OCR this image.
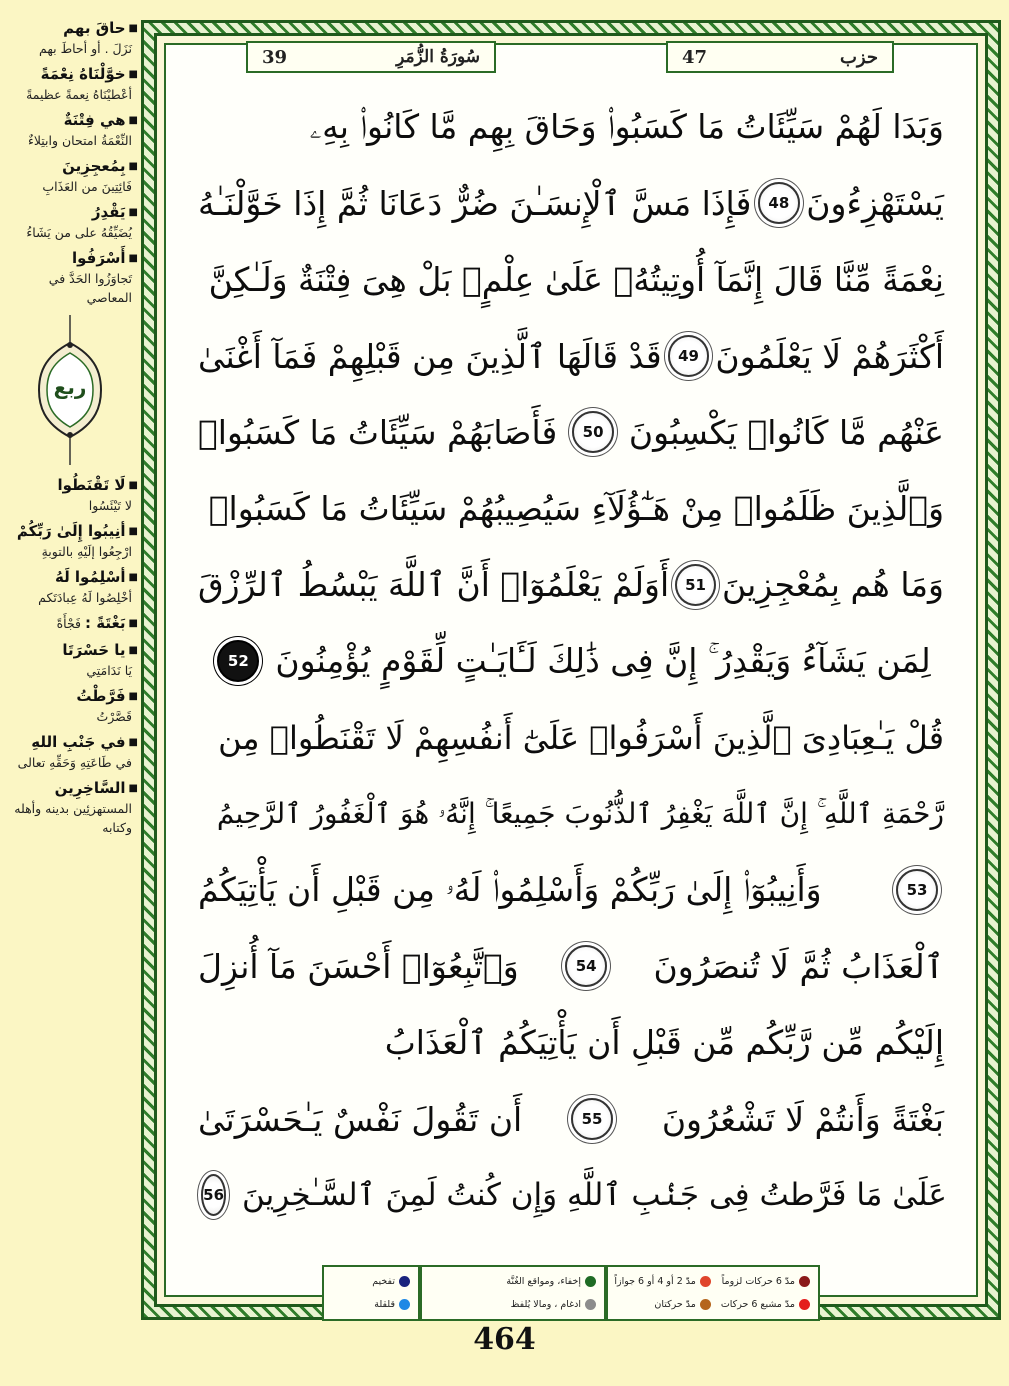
■ حاقَ بهم
نَزَلَ . أو أحاطَ بهم
■ خوَّلْنَاهُ نِعْمَةً
أعْطيْنَاهُ نِعمةً عظيمةً
■ هي فِتْنَةٌ
النِّعْمَةُ امتحان وابتِلاءٌ
■ بِمُعجِزِينَ
فَائِتِينَ من العَذَابِ
■ يَقْدِرُ
يُضَيِّقُهُ على من يَشَاءُ
■ أَسْرَفُوا
تَجاوَزُوا الحَدَّ في المعاصي
ربع
■ لَا تَقْنَطُوا
لا تَيْئَسُوا
■ أنِيبُوا إِلَىٰ رَبِّكُمْ
ارْجِعُوا إلَيْهِ بالتوبةِ
■ أسْلِمُوا لَهُ
أخْلِصُوا لَهُ عِبادَتَكم
■ بَغْتَةً :فَجْأَةً
■ يا حَسْرَتَا
يَا نَدَامَتِي
■ فَرَّطْتُ
قَصَّرْتُ
■ في جَنْبِ اللهِ
في طَاعَتِهِ وَحَقِّهِ تعالى
■ السَّاخِرِين
المستهزئِين بدينه وأهله وكتابه
39	سُورَةُ الزُّمَرِ	47	حزب
وَبَدَا لَهُمْ سَيِّئَاتُ مَا كَسَبُوا۟ وَحَاقَ بِهِم مَّا كَانُوا۟ بِهِۦ
يَسْتَهْزِءُونَ
48
فَإِذَا مَسَّ ٱلْإِنسَـٰنَ ضُرٌّ دَعَانَا ثُمَّ إِذَا خَوَّلْنَـٰهُ
نِعْمَةً مِّنَّا قَالَ إِنَّمَآ أُوتِيتُهُۥ عَلَىٰ عِلْمٍۭ بَلْ هِىَ فِتْنَةٌ وَلَـٰكِنَّ
أَكْثَرَهُمْ لَا يَعْلَمُونَ
49
قَدْ قَالَهَا ٱلَّذِينَ مِن قَبْلِهِمْ فَمَآ أَغْنَىٰ
عَنْهُم مَّا كَانُوا۟ يَكْسِبُونَ
50
فَأَصَابَهُمْ سَيِّئَاتُ مَا كَسَبُوا۟
وَٱلَّذِينَ ظَلَمُوا۟ مِنْ هَـٰٓؤُلَآءِ سَيُصِيبُهُمْ سَيِّئَاتُ مَا كَسَبُوا۟
وَمَا هُم بِمُعْجِزِينَ
51
أَوَلَمْ يَعْلَمُوٓا۟ أَنَّ ٱللَّهَ يَبْسُطُ ٱلرِّزْقَ
لِمَن يَشَآءُ وَيَقْدِرُ ۚ إِنَّ فِى ذَٰلِكَ لَـَٔايَـٰتٍ لِّقَوْمٍ يُؤْمِنُونَ
52
قُلْ يَـٰعِبَادِىَ ٱلَّذِينَ أَسْرَفُوا۟ عَلَىٰٓ أَنفُسِهِمْ لَا تَقْنَطُوا۟ مِن
رَّحْمَةِ ٱللَّهِ ۚ إِنَّ ٱللَّهَ يَغْفِرُ ٱلذُّنُوبَ جَمِيعًا ۚ إِنَّهُۥ هُوَ ٱلْغَفُورُ ٱلرَّحِيمُ
53
وَأَنِيبُوٓا۟ إِلَىٰ رَبِّكُمْ وَأَسْلِمُوا۟ لَهُۥ مِن قَبْلِ أَن يَأْتِيَكُمُ
ٱلْعَذَابُ ثُمَّ لَا تُنصَرُونَ
54
وَٱتَّبِعُوٓا۟ أَحْسَنَ مَآ أُنزِلَ
إِلَيْكُم مِّن رَّبِّكُم مِّن قَبْلِ أَن يَأْتِيَكُمُ ٱلْعَذَابُ
بَغْتَةً وَأَنتُمْ لَا تَشْعُرُونَ
55
أَن تَقُولَ نَفْسٌ يَـٰحَسْرَتَىٰ
عَلَىٰ مَا فَرَّطتُ فِى جَنۢبِ ٱللَّهِ وَإِن كُنتُ لَمِنَ ٱلسَّـٰخِرِينَ
56
مدّ 6 حركات لزوماً
مدّ 2 أو 4 أو 6 جوازاً
مدّ مشبع 6 حركات
مدّ حركتان
إخفاء، ومواقع الغُنَّة
ادغام ، ومالا يُلفظ
تفخيم
قلقلة
464
